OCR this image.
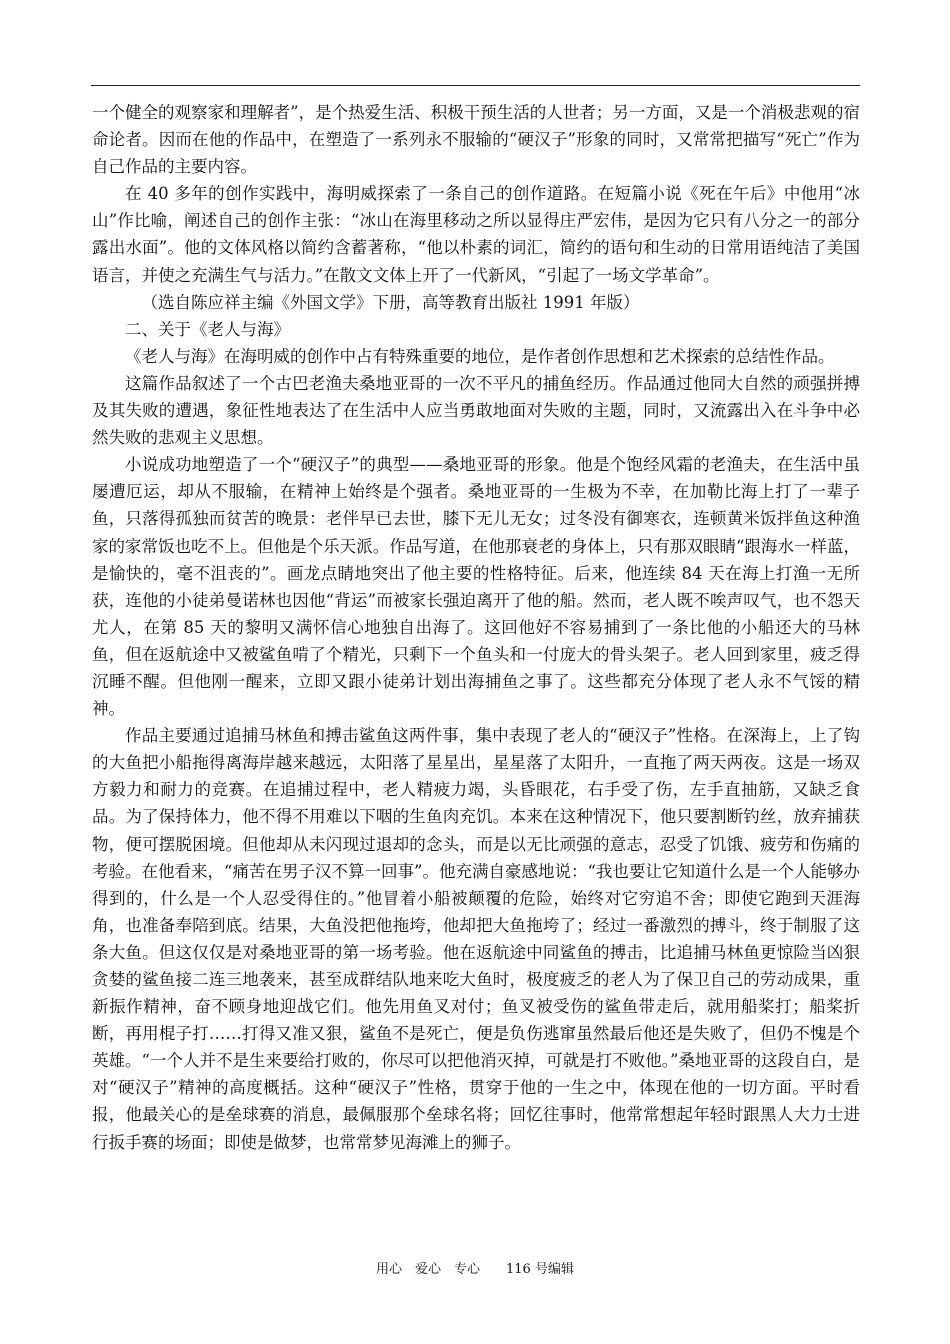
一个健全的观察家和理解者”，是个热爱生活、积极干预生活的人世者；另一方面，又是一个消极悲观的宿命论者。因而在他的作品中，在塑造了一系列永不服输的“硬汉子”形象的同时，又常常把描写“死亡”作为自己作品的主要内容。

在 40 多年的创作实践中，海明威探索了一条自己的创作道路。在短篇小说《死在午后》中他用“冰山”作比喻，阐述自己的创作主张：“冰山在海里移动之所以显得庄严宏伟，是因为它只有八分之一的部分露出水面”。他的文体风格以简约含蓄著称，“他以朴素的词汇，简约的语句和生动的日常用语纯洁了美国语言，并使之充满生气与活力。”在散文文体上开了一代新风，“引起了一场文学革命”。

（选自陈应祥主编《外国文学》下册，高等教育出版社 1991 年版）

二、关于《老人与海》

《老人与海》在海明威的创作中占有特殊重要的地位，是作者创作思想和艺术探索的总结性作品。

这篇作品叙述了一个古巴老渔夫桑地亚哥的一次不平凡的捕鱼经历。作品通过他同大自然的顽强拼搏及其失败的遭遇，象征性地表达了在生活中人应当勇敢地面对失败的主题，同时，又流露出入在斗争中必然失败的悲观主义思想。

小说成功地塑造了一个“硬汉子”的典型——桑地亚哥的形象。他是个饱经风霜的老渔夫，在生活中虽屡遭厄运，却从不服输，在精神上始终是个强者。桑地亚哥的一生极为不幸，在加勒比海上打了一辈子鱼，只落得孤独而贫苦的晚景：老伴早已去世，膝下无儿无女；过冬没有御寒衣，连顿黄米饭拌鱼这种渔家的家常饭也吃不上。但他是个乐天派。作品写道，在他那衰老的身体上，只有那双眼睛“跟海水一样蓝，是愉快的，毫不沮丧的”。画龙点睛地突出了他主要的性格特征。后来，他连续 84 天在海上打渔一无所获，连他的小徒弟曼诺林也因他“背运”而被家长强迫离开了他的船。然而，老人既不唉声叹气，也不怨天尤人，在第 85 天的黎明又满怀信心地独自出海了。这回他好不容易捕到了一条比他的小船还大的马林鱼，但在返航途中又被鲨鱼啃了个精光，只剩下一个鱼头和一付庞大的骨头架子。老人回到家里，疲乏得沉睡不醒。但他刚一醒来，立即又跟小徒弟计划出海捕鱼之事了。这些都充分体现了老人永不气馁的精神。

作品主要通过追捕马林鱼和搏击鲨鱼这两件事，集中表现了老人的“硬汉子”性格。在深海上，上了钩的大鱼把小船拖得离海岸越来越远，太阳落了星星出，星星落了太阳升，一直拖了两天两夜。这是一场双方毅力和耐力的竞赛。在追捕过程中，老人精疲力竭，头昏眼花，右手受了伤，左手直抽筋，又缺乏食品。为了保持体力，他不得不用难以下咽的生鱼肉充饥。本来在这种情况下，他只要割断钓丝，放弃捕获物，便可摆脱困境。但他却从未闪现过退却的念头，而是以无比顽强的意志，忍受了饥饿、疲劳和伤痛的考验。在他看来，“痛苦在男子汉不算一回事”。他充满自豪感地说：“我也要让它知道什么是一个人能够办得到的，什么是一个人忍受得住的。”他冒着小船被颠覆的危险，始终对它穷追不舍；即使它跑到天涯海角，也准备奉陪到底。结果，大鱼没把他拖垮，他却把大鱼拖垮了；经过一番激烈的搏斗，终于制服了这条大鱼。但这仅仅是对桑地亚哥的第一场考验。他在返航途中同鲨鱼的搏击，比追捕马林鱼更惊险当凶狠贪婪的鲨鱼接二连三地袭来，甚至成群结队地来吃大鱼时，极度疲乏的老人为了保卫自己的劳动成果，重新振作精神，奋不顾身地迎战它们。他先用鱼叉对付；鱼叉被受伤的鲨鱼带走后，就用船桨打；船桨折断，再用棍子打……打得又准又狠，鲨鱼不是死亡，便是负伤逃窜虽然最后他还是失败了，但仍不愧是个英雄。“一个人并不是生来要给打败的，你尽可以把他消灭掉，可就是打不败他。”桑地亚哥的这段自白，是对“硬汉子”精神的高度概括。这种“硬汉子”性格，贯穿于他的一生之中，体现在他的一切方面。平时看报，他最关心的是垒球赛的消息，最佩服那个垒球名将；回忆往事时，他常常想起年轻时跟黑人大力士进行扳手赛的场面；即使是做梦，也常常梦见海滩上的狮子。

用心　爱心　专心　　116 号编辑
